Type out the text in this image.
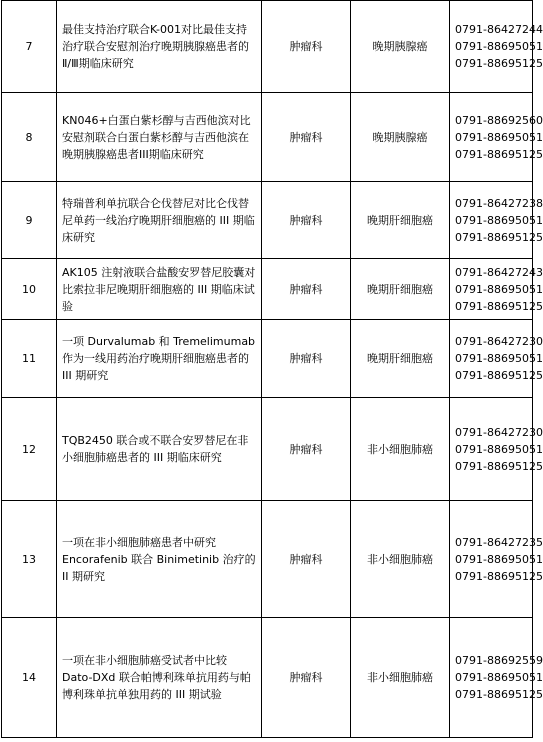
7	最佳支持治疗联合K-001对比最佳支持治疗联合安慰剂治疗晚期胰腺癌患者的Ⅱ/Ⅲ期临床研究	肿瘤科	晚期胰腺癌	0791-86427244
0791-88695051
0791-88695125

8	KN046+白蛋白紫杉醇与吉西他滨对比安慰剂联合白蛋白紫杉醇与吉西他滨在晚期胰腺癌患者III期临床研究	肿瘤科	晚期胰腺癌	0791-88692560
0791-88695051
0791-88695125

9	特瑞普利单抗联合仑伐替尼对比仑伐替尼单药一线治疗晚期肝细胞癌的 III 期临床研究	肿瘤科	晚期肝细胞癌	0791-86427238
0791-88695051
0791-88695125

10	AK105 注射液联合盐酸安罗替尼胶囊对比索拉非尼晚期肝细胞癌的 III 期临床试验	肿瘤科	晚期肝细胞癌	0791-86427243
0791-88695051
0791-88695125

11	一项 Durvalumab 和 Tremelimumab 作为一线用药治疗晚期肝细胞癌患者的 III 期研究	肿瘤科	晚期肝细胞癌	0791-86427230
0791-88695051
0791-88695125

12	TQB2450 联合或不联合安罗替尼在非小细胞肺癌患者的 III 期临床研究	肿瘤科	非小细胞肺癌	0791-86427230
0791-88695051
0791-88695125

13	一项在非小细胞肺癌患者中研究 Encorafenib 联合 Binimetinib 治疗的 II 期研究	肿瘤科	非小细胞肺癌	0791-86427235
0791-88695051
0791-88695125

14	一项在非小细胞肺癌受试者中比较 Dato-DXd 联合帕博利珠单抗用药与帕博利珠单抗单独用药的 III 期试验	肿瘤科	非小细胞肺癌	0791-88692559
0791-88695051
0791-88695125
